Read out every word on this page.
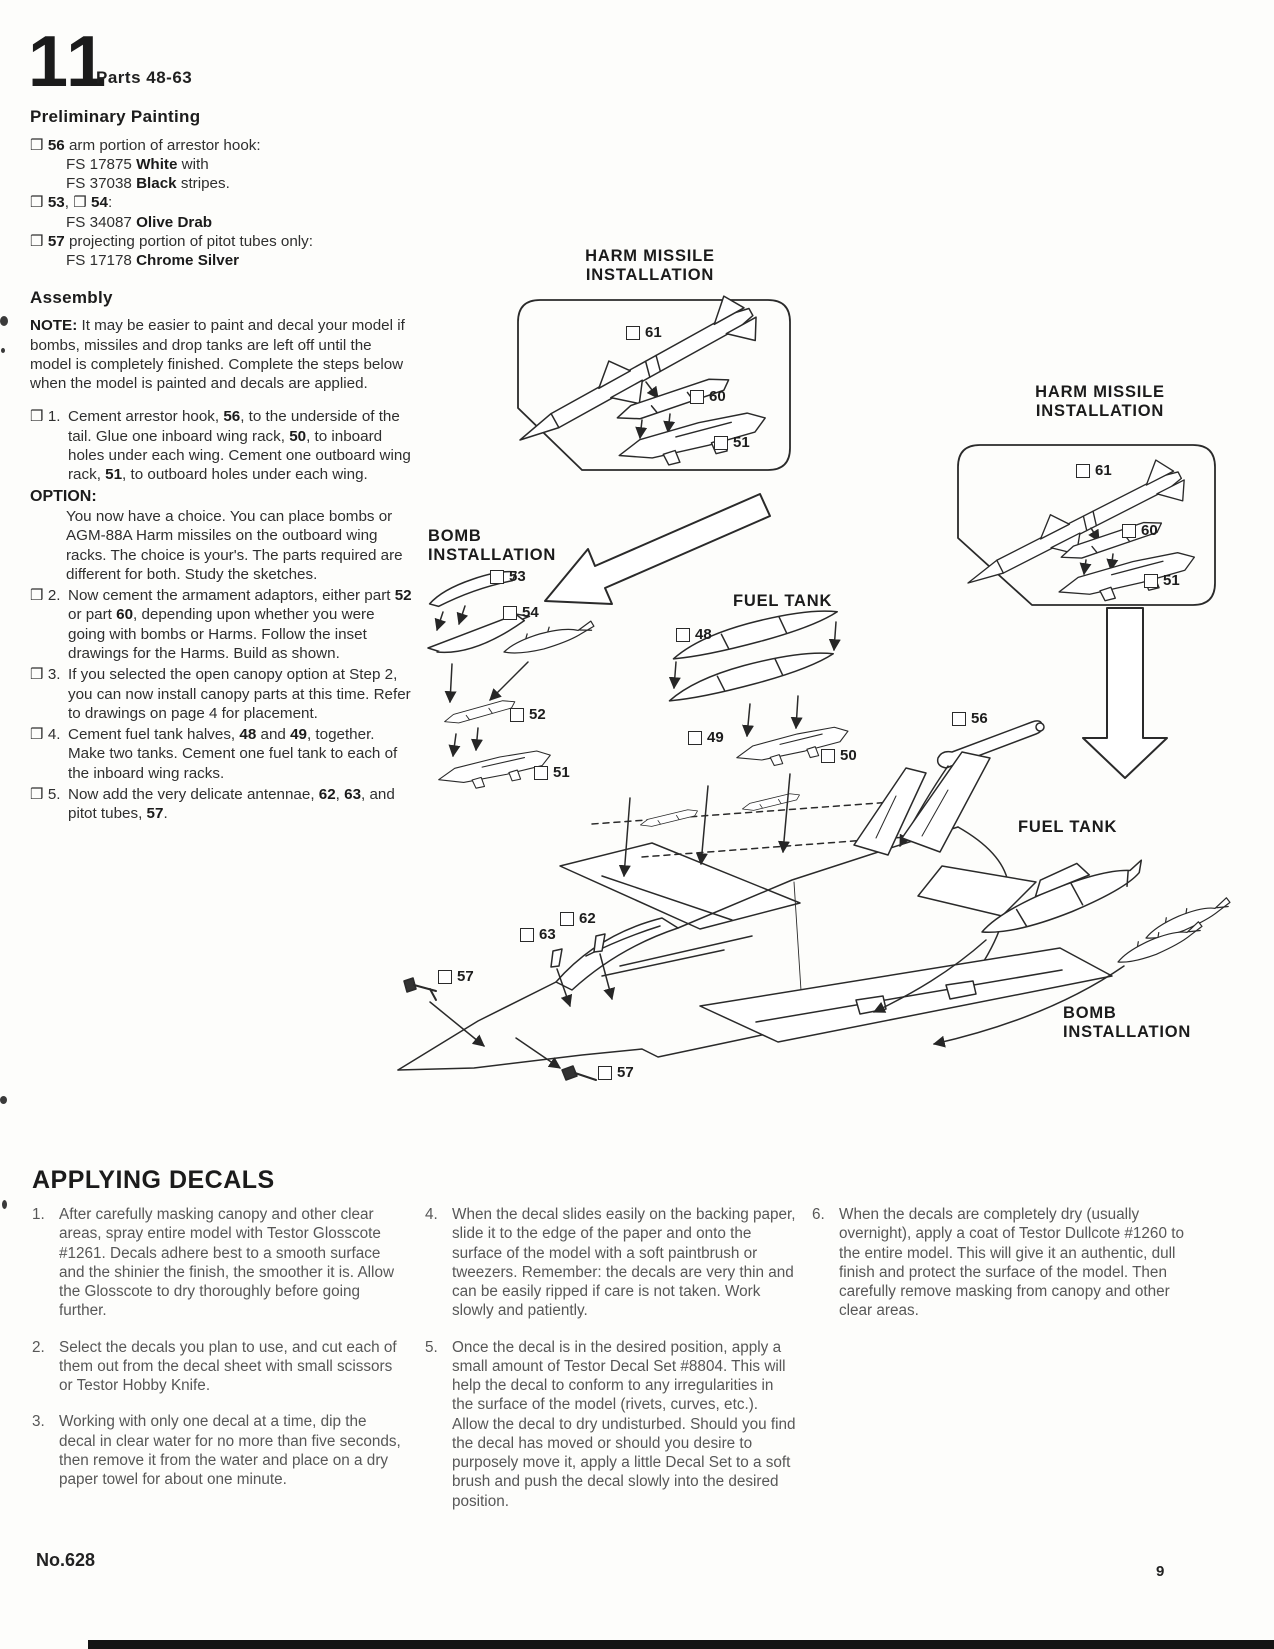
11
Parts 48-63
Preliminary Painting
❒ 56 arm portion of arrestor hook:
FS 17875 White with
FS 37038 Black stripes.
❒ 53, ❒ 54:
FS 34087 Olive Drab
❒ 57 projecting portion of pitot tubes only:
FS 17178 Chrome Silver
Assembly

NOTE: It may be easier to paint and decal your model if bombs, missiles and drop tanks are left off until the model is completely finished. Complete the steps below when the model is painted and decals are applied.

❒ 1. Cement arrestor hook, 56, to the underside of the tail. Glue one inboard wing rack, 50, to inboard holes under each wing. Cement one outboard wing rack, 51, to outboard holes under each wing.
OPTION:
You now have a choice. You can place bombs or AGM-88A Harm missiles on the outboard wing racks. The choice is your's. The parts required are different for both. Study the sketches.
❒ 2. Now cement the armament adaptors, either part 52 or part 60, depending upon whether you were going with bombs or Harms. Follow the inset drawings for the Harms. Build as shown.
❒ 3. If you selected the open canopy option at Step 2, you can now install canopy parts at this time. Refer to drawings on page 4 for placement.
❒ 4. Cement fuel tank halves, 48 and 49, together. Make two tanks. Cement one fuel tank to each of the inboard wing racks.
❒ 5. Now add the very delicate antennae, 62, 63, and pitot tubes, 57.
HARM MISSILE INSTALLATION
HARM MISSILE INSTALLATION
BOMB INSTALLATION
FUEL TANK
FUEL TANK
BOMB INSTALLATION
61
60
51
61
60
51
53
54
52
51
48
49
50
56
62
63
57
57
APPLYING DECALS
1. After carefully masking canopy and other clear areas, spray entire model with Testor Glosscote #1261. Decals adhere best to a smooth surface and the shinier the finish, the smoother it is. Allow the Glosscote to dry thoroughly before going further.
2. Select the decals you plan to use, and cut each of them out from the decal sheet with small scissors or Testor Hobby Knife.
3. Working with only one decal at a time, dip the decal in clear water for no more than five seconds, then remove it from the water and place on a dry paper towel for about one minute.
4. When the decal slides easily on the backing paper, slide it to the edge of the paper and onto the surface of the model with a soft paintbrush or tweezers. Remember: the decals are very thin and can be easily ripped if care is not taken. Work slowly and patiently.
5. Once the decal is in the desired position, apply a small amount of Testor Decal Set #8804. This will help the decal to conform to any irregularities in the surface of the model (rivets, curves, etc.). Allow the decal to dry undisturbed. Should you find the decal has moved or should you desire to purposely move it, apply a little Decal Set to a soft brush and push the decal slowly into the desired position.
6. When the decals are completely dry (usually overnight), apply a coat of Testor Dullcote #1260 to the entire model. This will give it an authentic, dull finish and protect the surface of the model. Then carefully remove masking from canopy and other clear areas.
No.628
9
